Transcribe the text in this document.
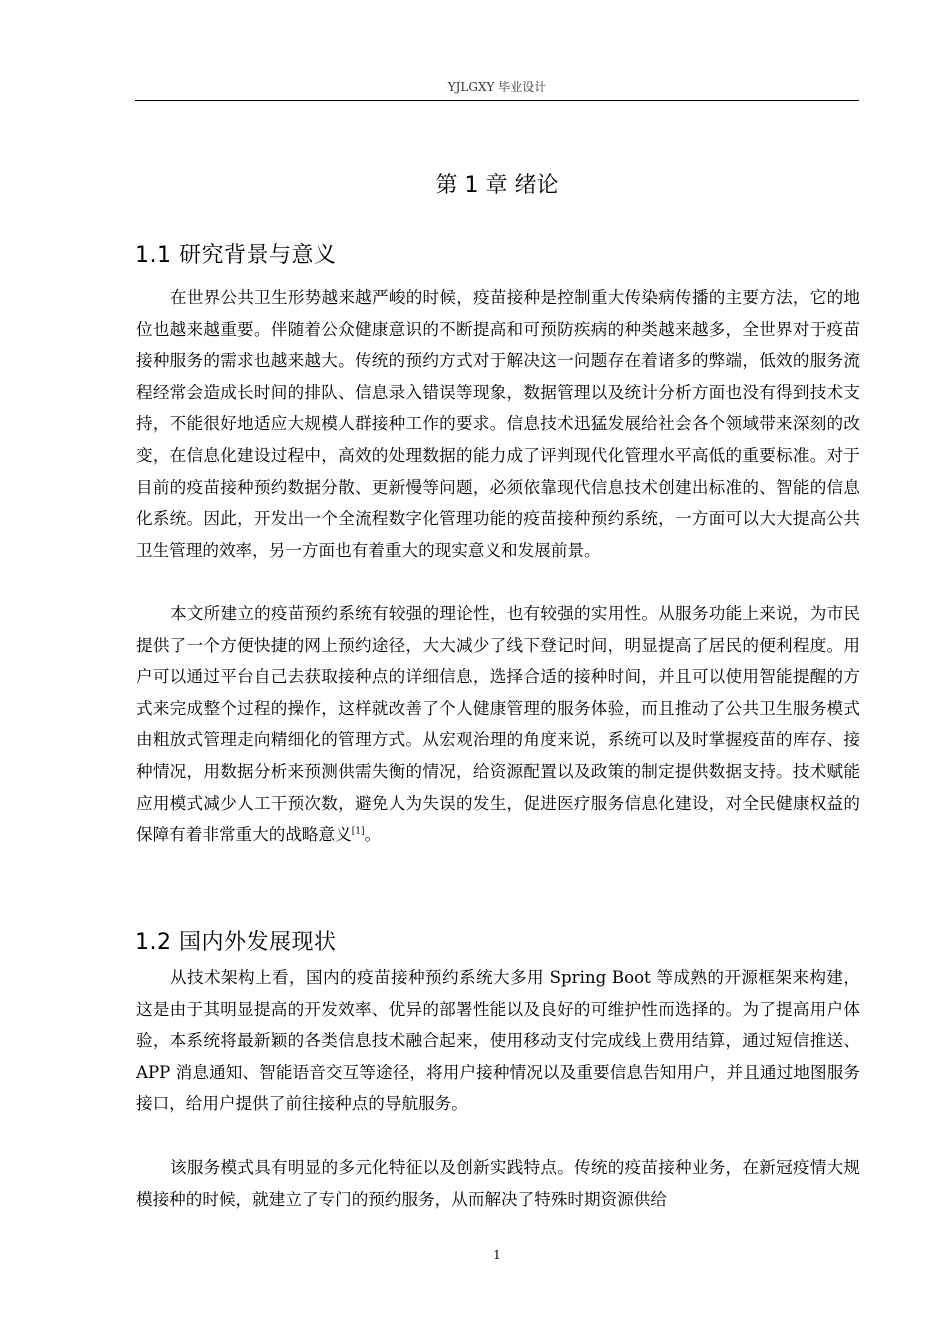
YJLGXY 毕业设计
第 1 章 绪论
1.1 研究背景与意义

在世界公共卫生形势越来越严峻的时候，疫苗接种是控制重大传染病传播的主要方法，它的地位也越来越重要。伴随着公众健康意识的不断提高和可预防疾病的种类越来越多，全世界对于疫苗接种服务的需求也越来越大。传统的预约方式对于解决这一问题存在着诸多的弊端，低效的服务流程经常会造成长时间的排队、信息录入错误等现象，数据管理以及统计分析方面也没有得到技术支持，不能很好地适应大规模人群接种工作的要求。信息技术迅猛发展给社会各个领域带来深刻的改变，在信息化建设过程中，高效的处理数据的能力成了评判现代化管理水平高低的重要标准。对于目前的疫苗接种预约数据分散、更新慢等问题，必须依靠现代信息技术创建出标准的、智能的信息化系统。因此，开发出一个全流程数字化管理功能的疫苗接种预约系统，一方面可以大大提高公共卫生管理的效率，另一方面也有着重大的现实意义和发展前景。

本文所建立的疫苗预约系统有较强的理论性，也有较强的实用性。从服务功能上来说，为市民提供了一个方便快捷的网上预约途径，大大减少了线下登记时间，明显提高了居民的便利程度。用户可以通过平台自己去获取接种点的详细信息，选择合适的接种时间，并且可以使用智能提醒的方式来完成整个过程的操作，这样就改善了个人健康管理的服务体验，而且推动了公共卫生服务模式由粗放式管理走向精细化的管理方式。从宏观治理的角度来说，系统可以及时掌握疫苗的库存、接种情况，用数据分析来预测供需失衡的情况，给资源配置以及政策的制定提供数据支持。技术赋能应用模式减少人工干预次数，避免人为失误的发生，促进医疗服务信息化建设，对全民健康权益的保障有着非常重大的战略意义[1]。

1.2 国内外发展现状

从技术架构上看，国内的疫苗接种预约系统大多用 Spring Boot 等成熟的开源框架来构建，这是由于其明显提高的开发效率、优异的部署性能以及良好的可维护性而选择的。为了提高用户体验，本系统将最新颖的各类信息技术融合起来，使用移动支付完成线上费用结算，通过短信推送、APP 消息通知、智能语音交互等途径，将用户接种情况以及重要信息告知用户，并且通过地图服务接口，给用户提供了前往接种点的导航服务。

该服务模式具有明显的多元化特征以及创新实践特点。传统的疫苗接种业务，在新冠疫情大规模接种的时候，就建立了专门的预约服务，从而解决了特殊时期资源供给

1
